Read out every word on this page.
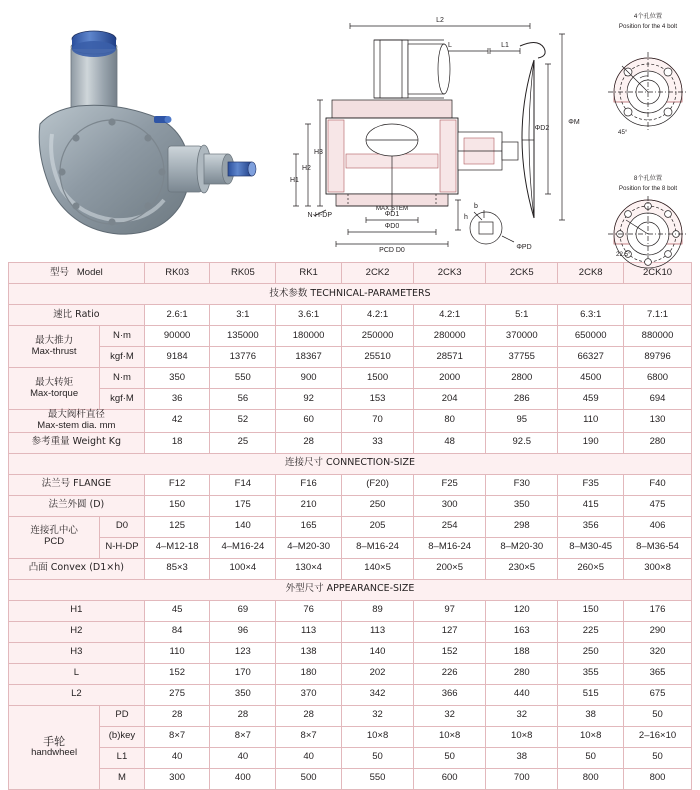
L2
L	L1
ΦM
ΦD2
ΦD1
ΦD0
PCD D0
MAX.STEM
N-H-DP	h
b
ΦPD
H3
H2
H1
4个孔位置
Position for the 4 bolt
8个孔位置
Position for the 8 bolt
45°
22.5°
型号 Model		RK03	RK05	RK1	2CK2	2CK3	2CK5	2CK8	2CK10
技术参数 TECHNICAL-PARAMETERS									
速比 Ratio		2.6:1	3:1	3.6:1	4.2:1	4.2:1	5:1	6.3:1	7.1:1

最大推力
Max-thrust	N·m	90000	135000	180000	250000	280000	370000	650000	880000
	kgf·M	9184	13776	18367	25510	28571	37755	66327	89796

最大转矩
Max-torque	N·m	350	550	900	1500	2000	2800	4500	6800
	kgf·M	36	56	92	153	204	286	459	694

最大阀杆直径
Max-stem dia. mm		42	52	60	70	80	95	110	130
参考重量 Weight Kg		18	25	28	33	48	92.5	190	280
连接尺寸 CONNECTION-SIZE									
法兰号 FLANGE		F12	F14	F16	(F20)	F25	F30	F35	F40
法兰外圆 (D)		150	175	210	250	300	350	415	475

连接孔中心
PCD	D0	125	140	165	205	254	298	356	406
	N-H-DP	4–M12-18	4–M16-24	4–M20-30	8–M16-24	8–M16-24	8–M20-30	8–M30-45	8–M36-54
凸面 Convex (D1×h)		85×3	100×4	130×4	140×5	200×5	230×5	260×5	300×8
外型尺寸 APPEARANCE-SIZE									
H1		45	69	76	89	97	120	150	176
H2		84	96	113	113	127	163	225	290
H3		110	123	138	140	152	188	250	320
L		152	170	180	202	226	280	355	365
L2		275	350	370	342	366	440	515	675

手轮
handwheel	PD	28	28	28	32	32	32	38	50
	(b)key	8×7	8×7	8×7	10×8	10×8	10×8	10×8	2–16×10
	L1	40	40	40	50	50	38	50	50
	M	300	400	500	550	600	700	800	800
